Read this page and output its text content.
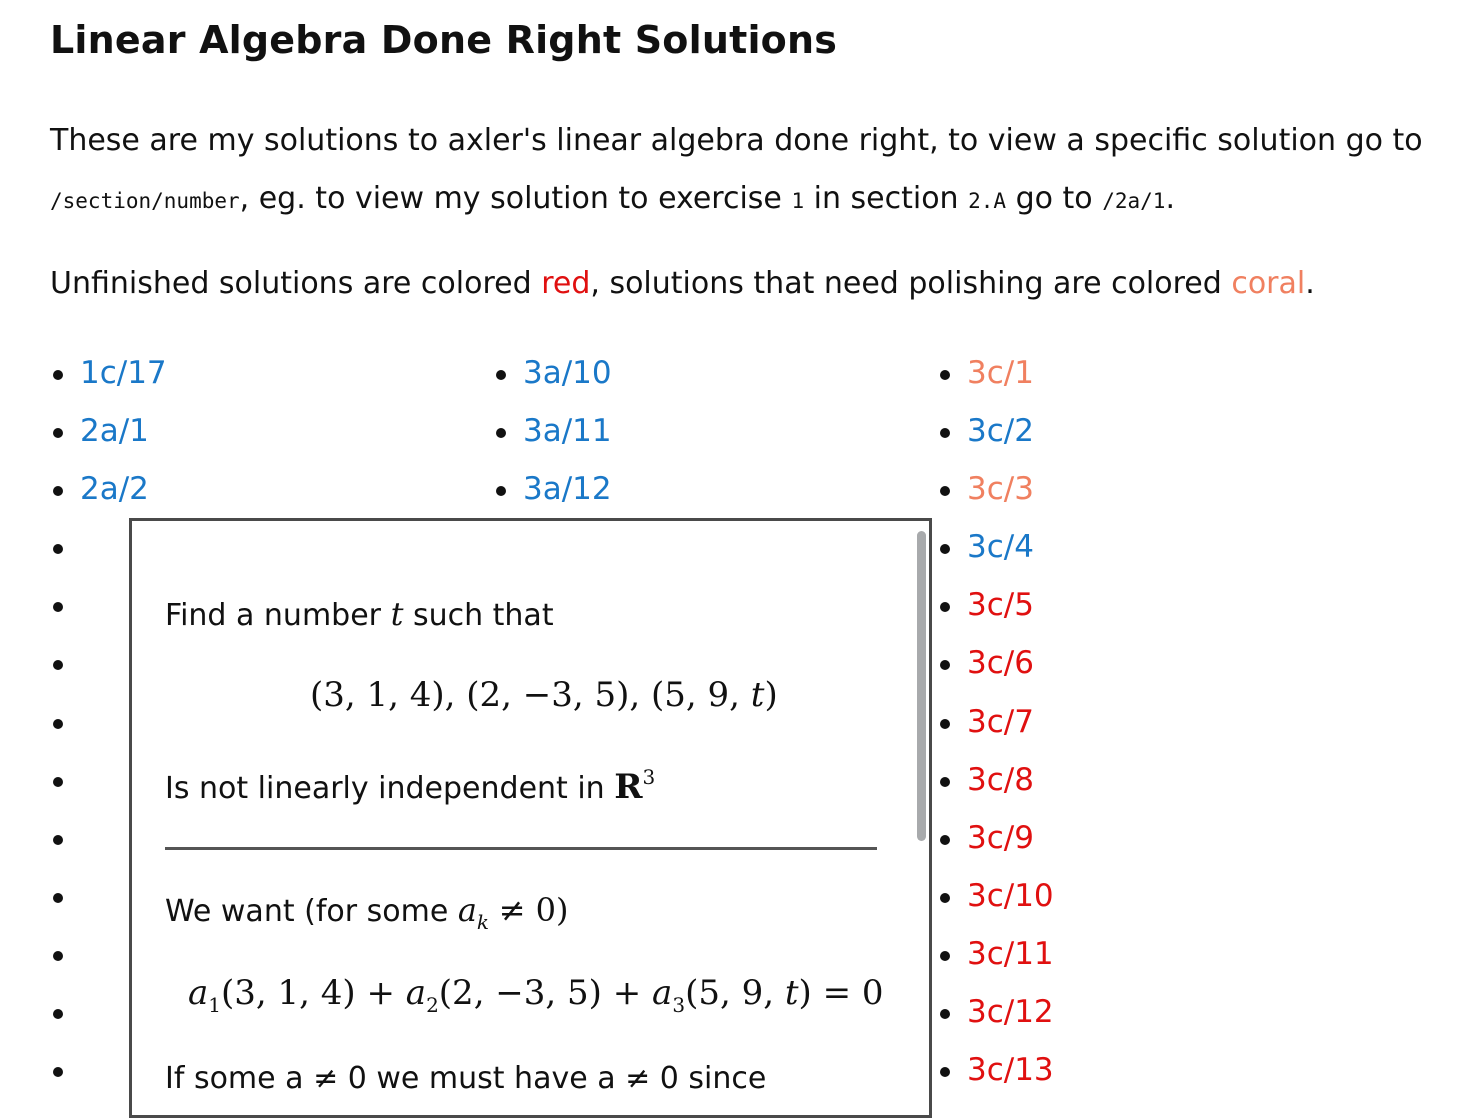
Linear Algebra Done Right Solutions
These are my solutions to axler's linear algebra done right, to view a specific solution go to /section/number, eg. to view my solution to exercise 1 in section 2.A go to /2a/1.
Unfinished solutions are colored red, solutions that need polishing are colored coral.
1c/17
2a/1
2a/2
3a/10
3a/11
3a/12
3c/1
3c/2
3c/3
3c/4
3c/5
3c/6
3c/7
3c/8
3c/9
3c/10
3c/11
3c/12
3c/13
Find a number t such that
(3, 1, 4), (2, −3, 5), (5, 9, t)
Is not linearly independent in $R^3$
We want (for some $a_k \ne 0$)
$a_1(3$, 1, $4) + a_2(2$, −3, $5) + a_3(5$, 9, t) = 0
If some a ≠ 0 we must have a ≠ 0 since
